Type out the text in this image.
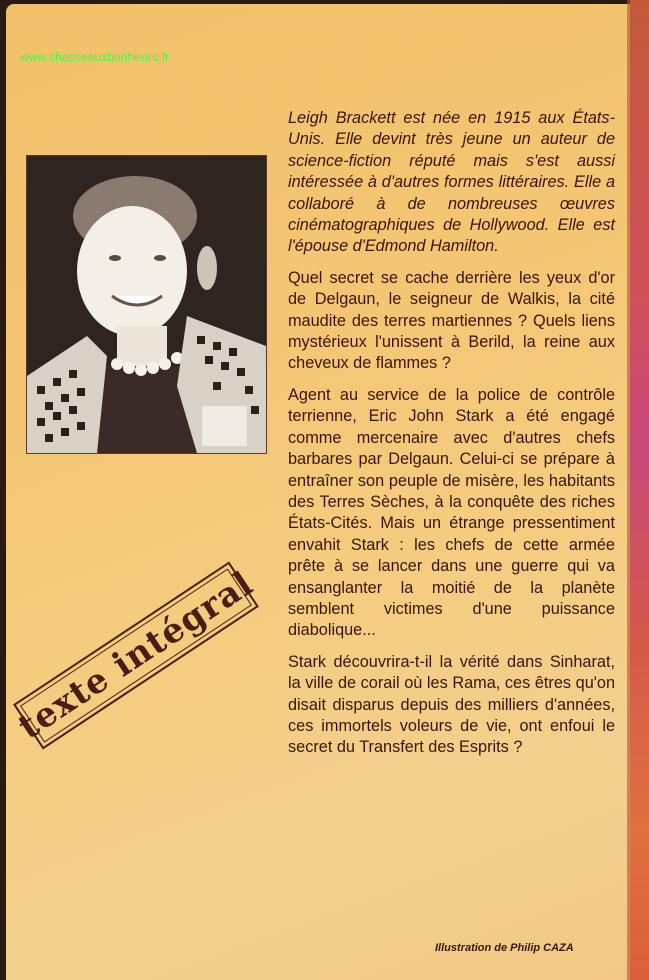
www.chasseauxbonheurs.fr
texte intégral

Leigh Brackett est née en 1915 aux États-Unis. Elle devint très jeune un auteur de science-fiction réputé mais s'est aussi intéressée à d'autres formes littéraires. Elle a collaboré à de nombreuses œuvres cinématographiques de Hollywood. Elle est l'épouse d'Edmond Hamilton.

Quel secret se cache derrière les yeux d'or de Delgaun, le seigneur de Walkis, la cité maudite des terres martiennes ? Quels liens mystérieux l'unissent à Berild, la reine aux cheveux de flammes ?

Agent au service de la police de contrôle terrienne, Eric John Stark a été engagé comme mercenaire avec d'autres chefs barbares par Delgaun. Celui-ci se prépare à entraîner son peuple de misère, les habitants des Terres Sèches, à la conquête des riches États-Cités. Mais un étrange pressentiment envahit Stark : les chefs de cette armée prête à se lancer dans une guerre qui va ensanglanter la moitié de la planète semblent victimes d'une puissance diabolique...

Stark découvrira-t-il la vérité dans Sinharat, la ville de corail où les Rama, ces êtres qu'on disait disparus depuis des milliers d'années, ces immortels voleurs de vie, ont enfoui le secret du Transfert des Esprits ?

Illustration de Philip CAZA
